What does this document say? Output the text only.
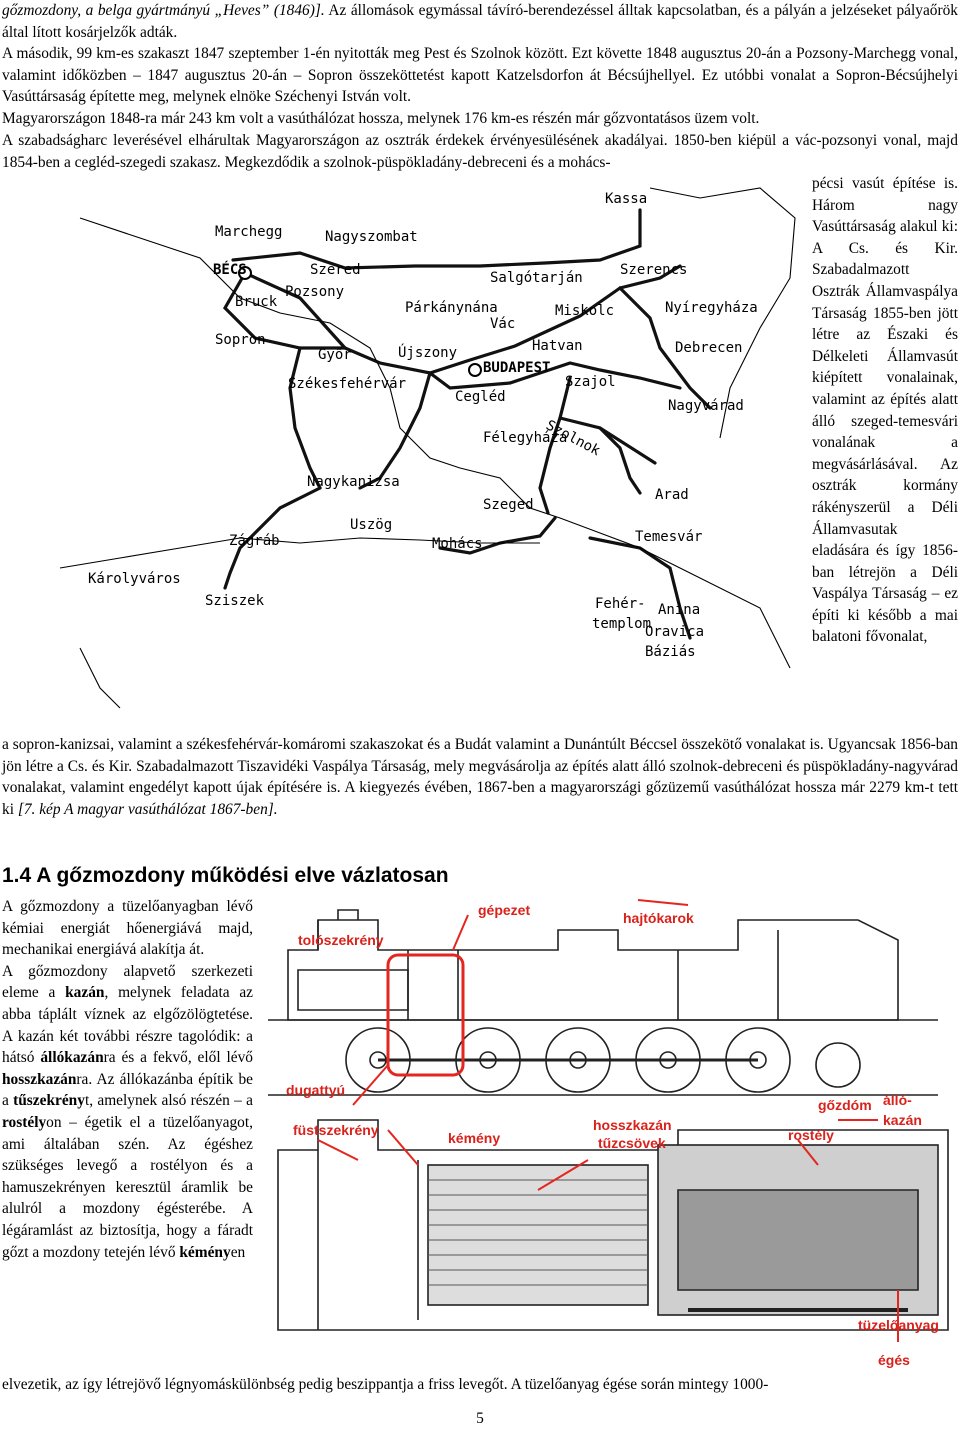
gőzmozdony, a belga gyártmányú „Heves” (1846)]. Az állomások egymással távíró-berendezéssel álltak kapcsolatban, és a pályán a jelzéseket pályaőrök által lított kosárjelzők adták.

A második, 99 km-es szakaszt 1847 szeptember 1-én nyitották meg Pest és Szolnok között. Ezt követte 1848 augusztus 20-án a Pozsony-Marchegg vonal, valamint időközben – 1847 augusztus 20-án – Sopron összeköttetést kapott Katzelsdorfon át Bécsújhellyel. Ez utóbbi vonalat a Sopron-Bécsújhelyi Vasúttársaság építette meg, melynek elnöke Széchenyi István volt.

Magyarországon 1848-ra már 243 km volt a vasúthálózat hossza, melynek 176 km-es részén már gőzvontatásos üzem volt.

A szabadságharc leverésével elhárultak Magyarországon az osztrák érdekek érvényesülésének akadályai. 1850-ben kiépül a vác-pozsonyi vonal, majd 1854-ben a cegléd-szegedi szakasz. Megkezdődik a szolnok-püspökladány-debreceni és a mohács-

pécsi vasút építése is. Három nagy Vasúttársaság alakul ki: A Cs. és Kir. Szabadalmazott Osztrák Államvaspálya Társaság 1855-ben jött létre az Északi és Délkeleti Államvasút kiépített vonalainak, valamint az építés alatt álló szeged-temesvári vonalának a megvásárlásával. Az osztrák kormány rákényszerül a Déli Államvasutak eladására és így 1856-ban létrejön a Déli Vaspálya Társaság – ez építi ki később a mai balatoni fővonalat,

Kassa
Marchegg	Nagyszombat
BÉCS	Szered	Salgótarján	Szerencs
Pozsony
Bruck	Párkánynána	Miskolc	Nyíregyháza
Vác
Sopron
Győr	Újszony	Hatvan	Debrecen
BUDAPEST
Székesfehérvár
Cegléd
Szajol
Szolnok
Nagyvárad
Félegyháza
Nagykanizsa
Arad
Szeged
Zágráb
Uszög
Mohács	Temesvár
Károlyváros
Sziszek
Anina
Fehér-
templom
Oravica
Báziás

a sopron-kanizsai, valamint a székesfehérvár-komáromi szakaszokat és a Budát valamint a Dunántúlt Béccsel összekötő vonalakat is. Ugyancsak 1856-ban jön létre a Cs. és Kir. Szabadalmazott Tiszavidéki Vaspálya Társaság, mely megvásárolja az építés alatt álló szolnok-debreceni és püspökladány-nagyvárad vonalakat, valamint engedélyt kapott újak építésére is. A kiegyezés évében, 1867-ben a magyarországi gőzüzemű vasúthálózat hossza már 2279 km-t tett ki [7. kép A magyar vasúthálózat 1867-ben].

1.4 A gőzmozdony működési elve vázlatosan

A gőzmozdony a tüzelőanyagban lévő kémiai energiát hőenergiává majd, mechanikai energiává alakítja át.
A gőzmozdony alapvető szerkezeti eleme a kazán, melynek feladata az abba táplált víznek az elgőzölögtetése. A kazán két további részre tagolódik: a hátsó állókazánra és a fekvő, elől lévő hosszkazánra. Az állókazánba építik be a tűszekrényt, amelynek alsó részén – a rostélyon – égetik el a tüzelőanyagot, ami általában szén. Az égéshez szükséges levegő a rostélyon és a hamuszekrényen keresztül áramlik be alulról a mozdony égésterébe. A légáramlást az biztosítja, hogy a fáradt gőzt a mozdony tetején lévő kéményen

gépezet
tolószekrény
hajtókarok
dugattyú
gőzdóm álló-
kazán
füstszekrény	hosszkazán
tűzcsövek
kémény	rostély
tüzelőanyag
égés

elvezetik, az így létrejövő légnyomáskülönbség pedig beszippantja a friss levegőt. A tüzelőanyag égése során mintegy 1000-

5
